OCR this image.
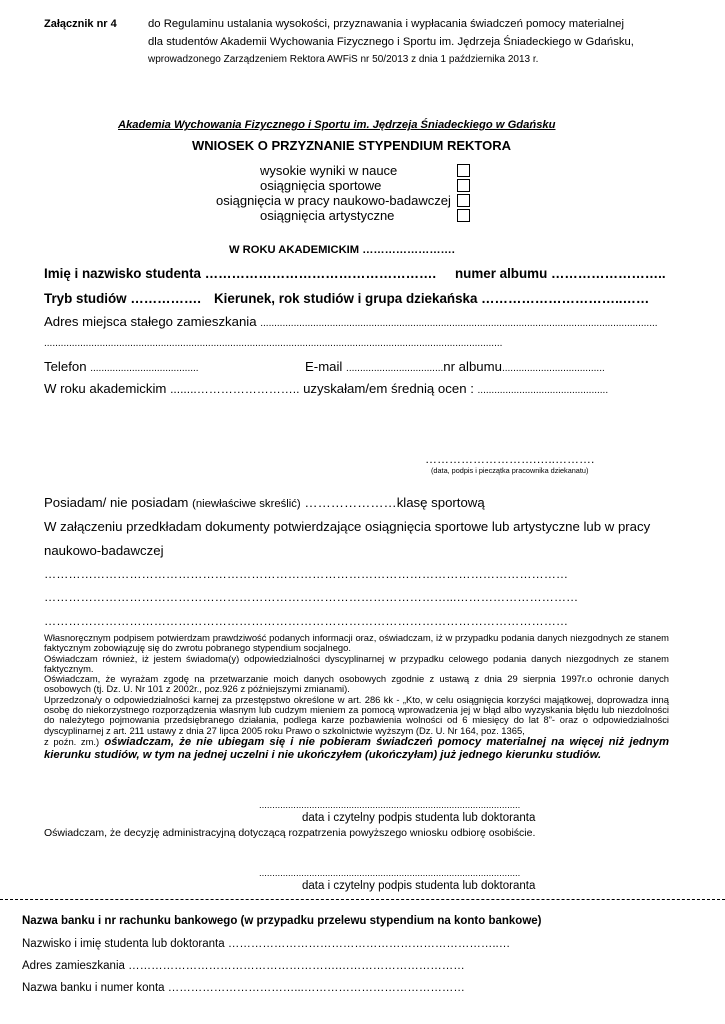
Załącznik nr 4	do Regulaminu ustalania wysokości, przyznawania i wypłacania świadczeń pomocy materialnej
dla studentów Akademii Wychowania Fizycznego i Sportu im. Jędrzeja Śniadeckiego w Gdańsku,
wprowadzonego Zarządzeniem Rektora AWFiS nr 50/2013 z dnia 1 października 2013 r.
Akademia Wychowania Fizycznego i Sportu im. Jędrzeja Śniadeckiego w Gdańsku
WNIOSEK O PRZYZNANIE STYPENDIUM REKTORA
wysokie wyniki w nauce
osiągnięcia sportowe
osiągnięcia w pracy naukowo-badawczej
osiągnięcia artystyczne
W ROKU AKADEMICKIM …………………….
Imię i nazwisko studenta ……………………………………………. numer albumu ……………………..
Tryb studiów ……………. Kierunek, rok studiów i grupa dziekańska …………………………..……
Adres miejsca stałego zamieszkania ...............................................................................................................................................
.....................................................................................................................................................................
Telefon .......................................	E-mail ...................................nr albumu.....................................
W roku akademickim ........…………………….. uzyskałam/em średnią ocen : ...............................................
……………………….…..……….
(data, podpis i pieczątka pracownika dziekanatu)
Posiadam/ nie posiadam (niewłaściwe skreślić) …………………klasę sportową
W załączeniu przedkładam dokumenty potwierdzające osiągnięcia sportowe lub artystyczne lub w pracy
naukowo-badawczej
…………………………………………………………………………………………………………………
………………………………………………………………………………………...…………………………
…………………………………………………………………………………………………………………

Własnoręcznym podpisem potwierdzam prawdziwość podanych informacji oraz, oświadczam, iż w przypadku podania danych niezgodnych ze stanem faktycznym zobowiązuję się do zwrotu pobranego stypendium socjalnego.

Oświadczam również, iż jestem świadoma(y) odpowiedzialności dyscyplinarnej w przypadku celowego podania danych niezgodnych ze stanem faktycznym.

Oświadczam, że wyrażam zgodę na przetwarzanie moich danych osobowych zgodnie z ustawą z dnia 29 sierpnia 1997r.o ochronie danych osobowych (tj. Dz. U. Nr 101 z 2002r., poz.926 z późniejszymi zmianami).

Uprzedzona/y o odpowiedzialności karnej za przestępstwo określone w art. 286 kk - „Kto, w celu osiągnięcia korzyści majątkowej, doprowadza inną osobę do niekorzystnego rozporządzenia własnym lub cudzym mieniem za pomocą wprowadzenia jej w błąd albo wyzyskania błędu lub niezdolności do należytego pojmowania przedsiębranego działania, podlega karze pozbawienia wolności od 6 miesięcy do lat 8”- oraz o odpowiedzialności dyscyplinarnej z art. 211 ustawy z dnia 27 lipca 2005 roku Prawo o szkolnictwie wyższym (Dz. U. Nr 164, poz. 1365,

z poźn. zm.) oświadczam, że nie ubiegam się i nie pobieram świadczeń pomocy materialnej na więcej niż jednym kierunku studiów, w tym na jednej uczelni i nie ukończyłem (ukończyłam) już jednego kierunku studiów.

...................................................................................................
data i czytelny podpis studenta lub doktoranta
Oświadczam, że decyzję administracyjną dotyczącą rozpatrzenia powyższego wniosku odbiorę osobiście.
...................................................................................................
data i czytelny podpis studenta lub doktoranta
Nazwa banku i nr rachunku bankowego (w przypadku przelewu stypendium na konto bankowe)
Nazwisko i imię studenta lub doktoranta ……………………………………………………………..…
Adres zamieszkania ……………………………………………….……………………………
Nazwa banku i numer konta ……………………………...……………………………………
